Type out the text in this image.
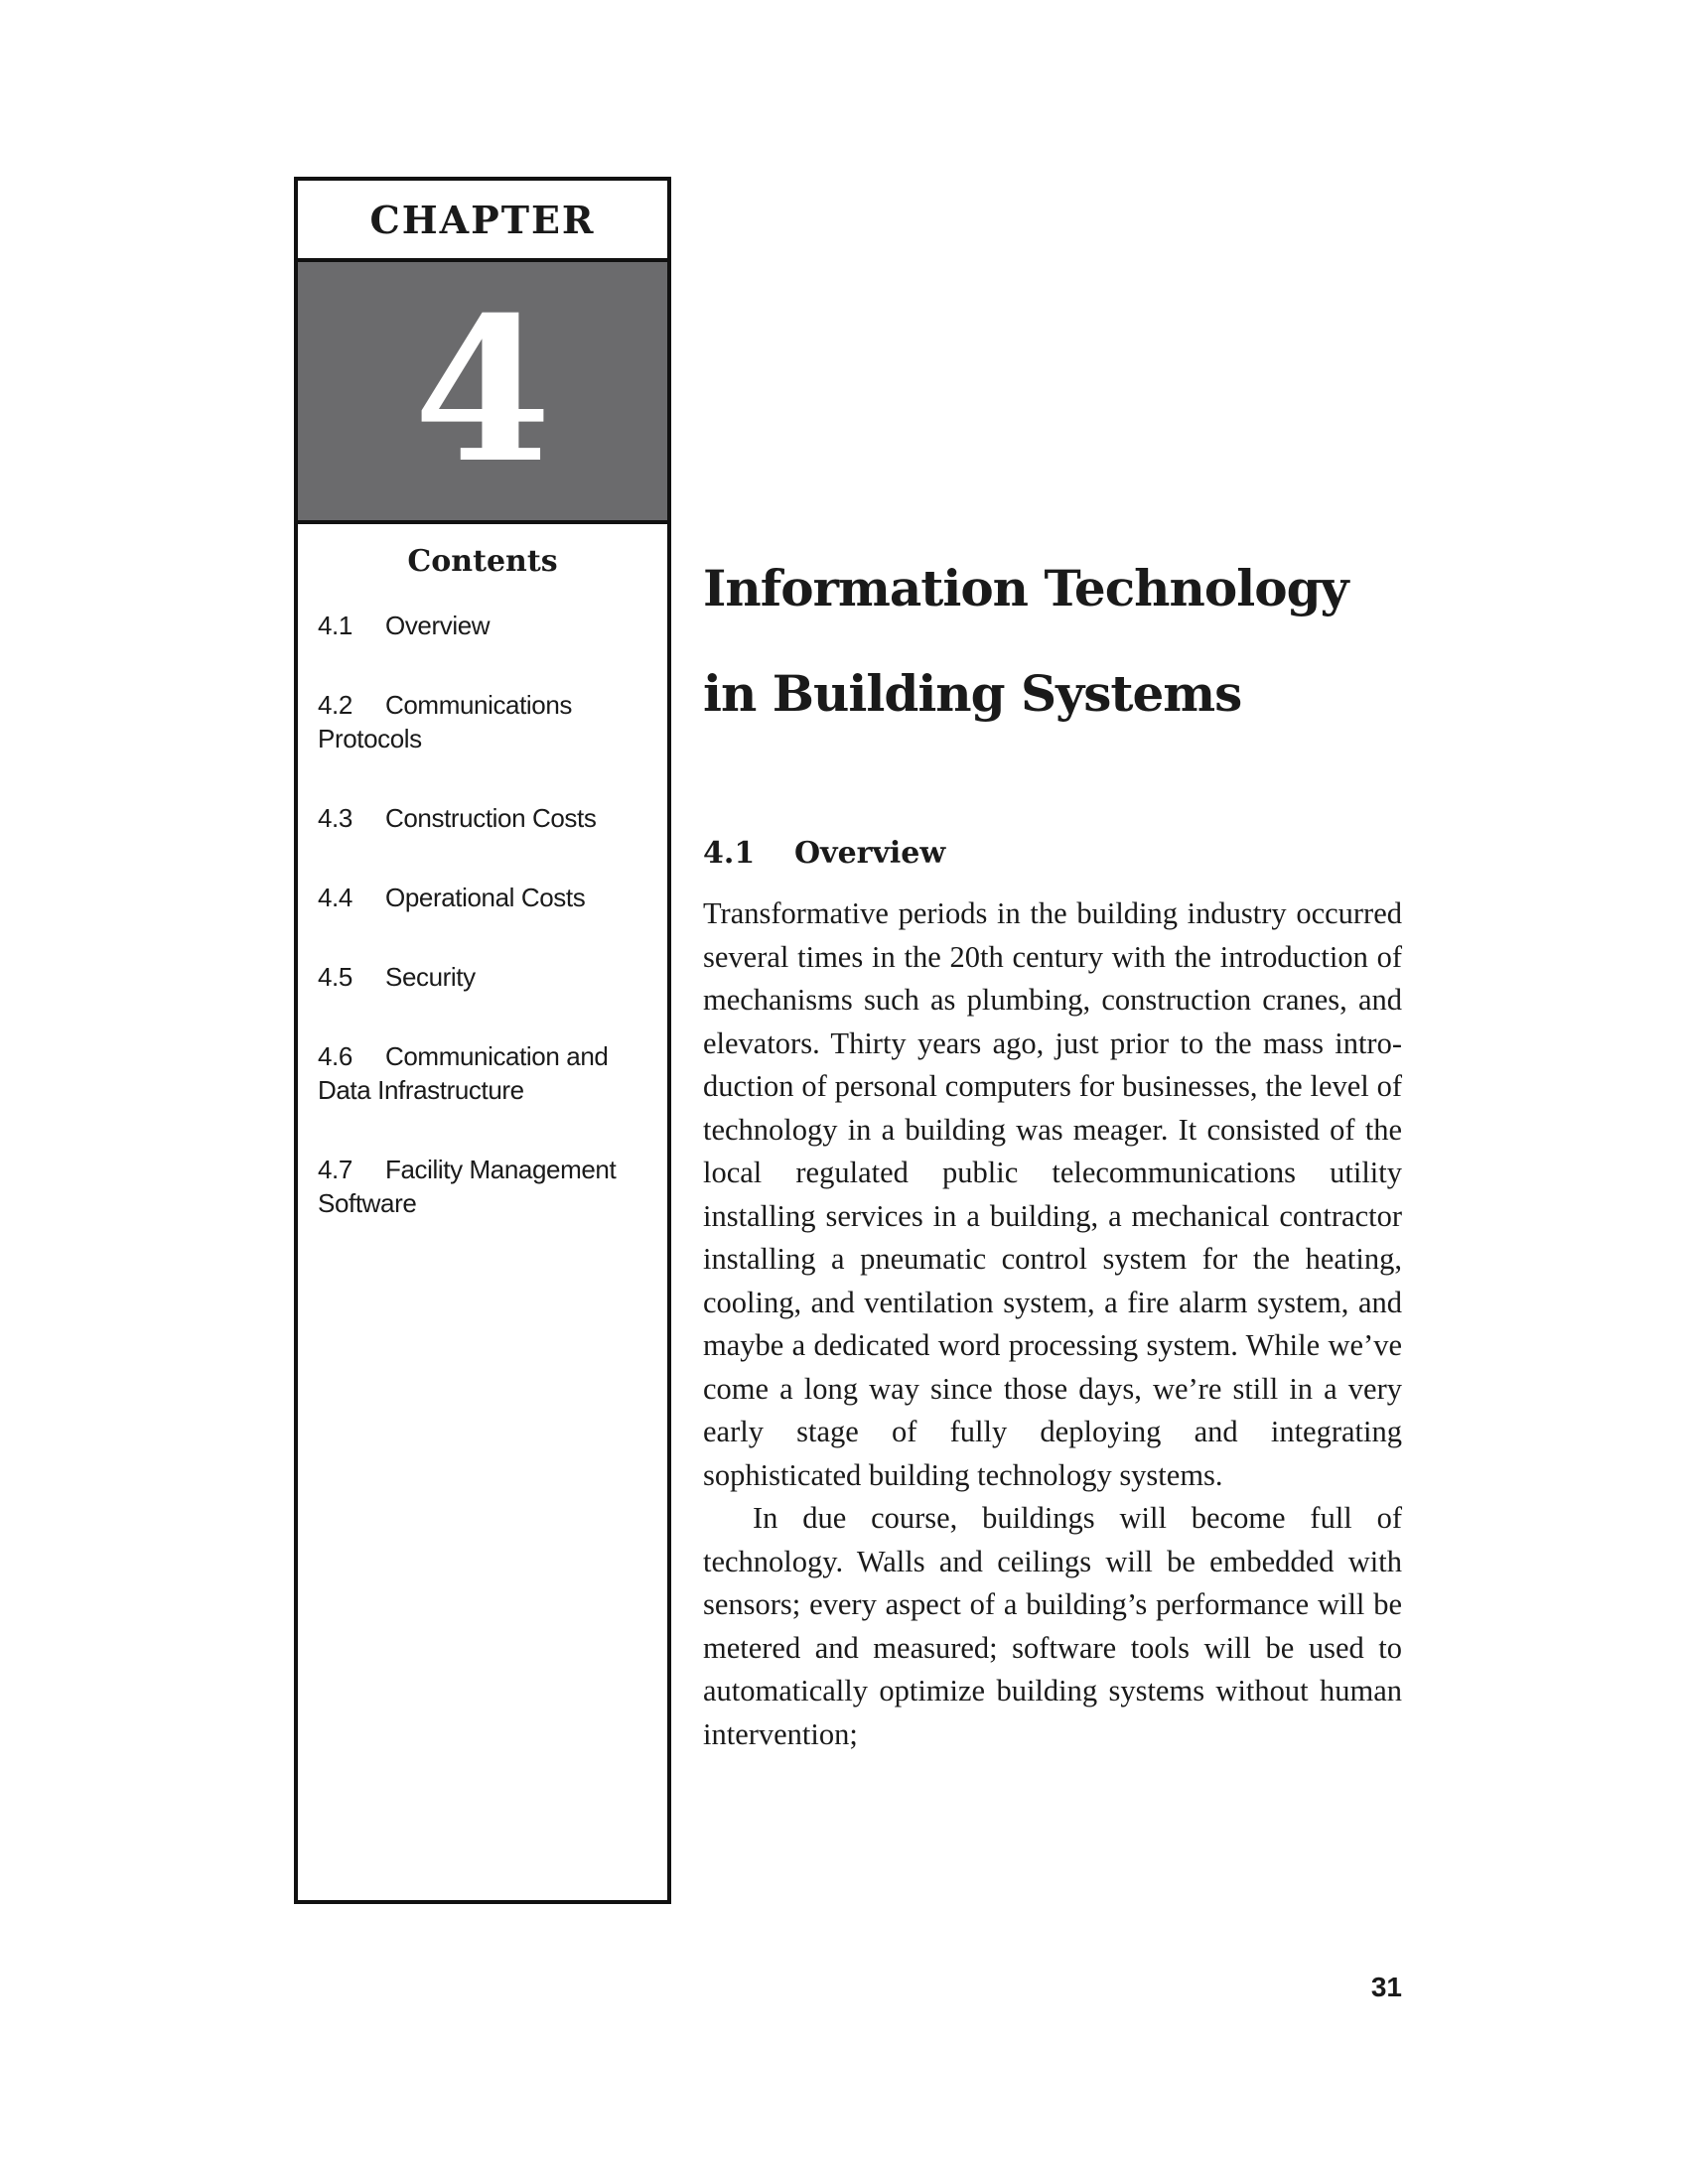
CHAPTER
4
Contents
4.1 Overview
4.2 Communications Protocols
4.3 Construction Costs
4.4 Operational Costs
4.5 Security
4.6 Communication and Data Infrastructure
4.7 Facility Management Software
Information Technology
in Building Systems
4.1 Overview

Transformative periods in the building industry occurred several times in the 20th century with the introduction of mechanisms such as plumbing, construction cranes, and elevators. Thirty years ago, just prior to the mass introduction of personal computers for businesses, the level of technology in a building was meager. It consisted of the local regulated public telecommunications utility installing services in a building, a mechanical contractor installing a pneumatic control system for the heating, cooling, and ventilation system, a fire alarm system, and maybe a dedicated word processing system. While we’ve come a long way since those days, we’re still in a very early stage of fully deploying and integrating sophisticated building technology systems.

In due course, buildings will become full of technology. Walls and ceilings will be embedded with sensors; every aspect of a building’s performance will be metered and measured; software tools will be used to automatically optimize building systems without human intervention;

31
